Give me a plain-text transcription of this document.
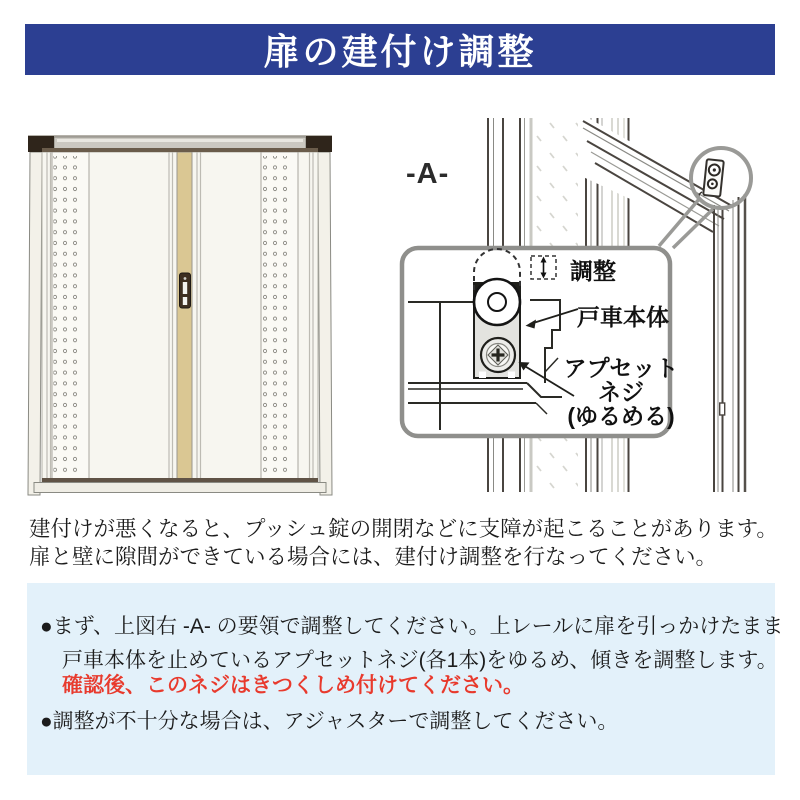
扉の建付け調整
-A-
調整
戸車本体
アプセット
ネジ
(ゆるめる)
建付けが悪くなると、プッシュ錠の開閉などに支障が起こることがあります。
扉と壁に隙間ができている場合には、建付け調整を行なってください。
●まず、上図右 -A- の要領で調整してください。上レールに扉を引っかけたまま
戸車本体を止めているアプセットネジ(各1本)をゆるめ、傾きを調整します。
確認後、このネジはきつくしめ付けてください。
●調整が不十分な場合は、アジャスターで調整してください。
